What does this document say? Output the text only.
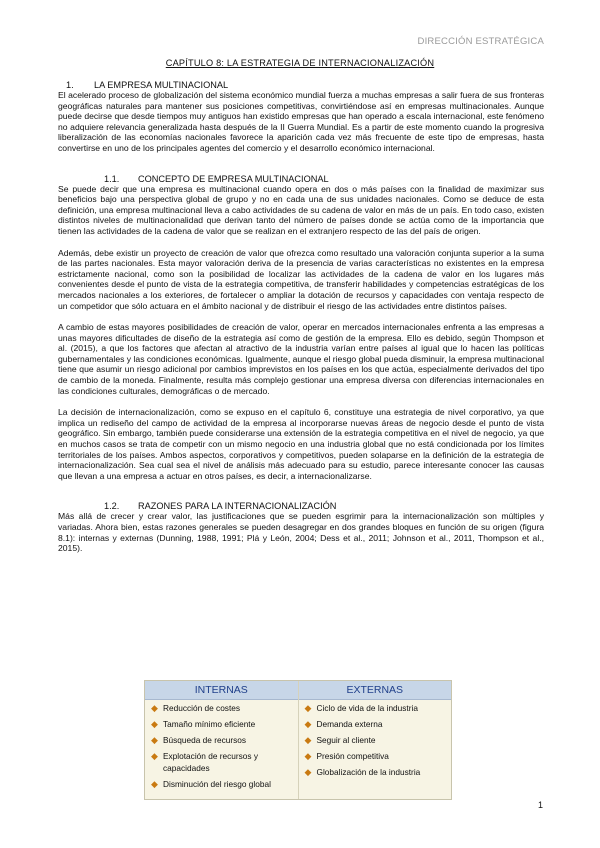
DIRECCIÓN ESTRATÉGICA
CAPÍTULO 8: LA ESTRATEGIA DE INTERNACIONALIZACIÓN
1. LA EMPRESA MULTINACIONAL

El acelerado proceso de globalización del sistema económico mundial fuerza a muchas empresas a salir fuera de sus fronteras geográficas naturales para mantener sus posiciones competitivas, convirtiéndose así en empresas multinacionales. Aunque puede decirse que desde tiempos muy antiguos han existido empresas que han operado a escala internacional, este fenómeno no adquiere relevancia generalizada hasta después de la II Guerra Mundial. Es a partir de este momento cuando la progresiva liberalización de las economías nacionales favorece la aparición cada vez más frecuente de este tipo de empresas, hasta convertirse en uno de los principales agentes del comercio y el desarrollo económico internacional.

1.1. CONCEPTO DE EMPRESA MULTINACIONAL

Se puede decir que una empresa es multinacional cuando opera en dos o más países con la finalidad de maximizar sus beneficios bajo una perspectiva global de grupo y no en cada una de sus unidades nacionales. Como se deduce de esta definición, una empresa multinacional lleva a cabo actividades de su cadena de valor en más de un país. En todo caso, existen distintos niveles de multinacionalidad que derivan tanto del número de países donde se actúa como de la importancia que tienen las actividades de la cadena de valor que se realizan en el extranjero respecto de las del país de origen.

Además, debe existir un proyecto de creación de valor que ofrezca como resultado una valoración conjunta superior a la suma de las partes nacionales. Esta mayor valoración deriva de la presencia de varias características no existentes en la empresa estrictamente nacional, como son la posibilidad de localizar las actividades de la cadena de valor en los lugares más convenientes desde el punto de vista de la estrategia competitiva, de transferir habilidades y competencias estratégicas de los mercados nacionales a los exteriores, de fortalecer o ampliar la dotación de recursos y capacidades con ventaja respecto de un competidor que sólo actuara en el ámbito nacional y de distribuir el riesgo de las actividades entre distintos países.

A cambio de estas mayores posibilidades de creación de valor, operar en mercados internacionales enfrenta a las empresas a unas mayores dificultades de diseño de la estrategia así como de gestión de la empresa. Ello es debido, según Thompson et al. (2015), a que los factores que afectan al atractivo de la industria varían entre países al igual que lo hacen las políticas gubernamentales y las condiciones económicas. Igualmente, aunque el riesgo global pueda disminuir, la empresa multinacional tiene que asumir un riesgo adicional por cambios imprevistos en los países en los que actúa, especialmente derivados del tipo de cambio de la moneda. Finalmente, resulta más complejo gestionar una empresa diversa con diferencias internacionales en las condiciones culturales, demográficas o de mercado.

La decisión de internacionalización, como se expuso en el capítulo 6, constituye una estrategia de nivel corporativo, ya que implica un rediseño del campo de actividad de la empresa al incorporarse nuevas áreas de negocio desde el punto de vista geográfico. Sin embargo, también puede considerarse una extensión de la estrategia competitiva en el nivel de negocio, ya que en muchos casos se trata de competir con un mismo negocio en una industria global que no está condicionada por los límites territoriales de los países. Ambos aspectos, corporativos y competitivos, pueden solaparse en la definición de la estrategia de internacionalización. Sea cual sea el nivel de análisis más adecuado para su estudio, parece interesante conocer las causas que llevan a una empresa a actuar en otros países, es decir, a internacionalizarse.

1.2. RAZONES PARA LA INTERNACIONALIZACIÓN

Más allá de crecer y crear valor, las justificaciones que se pueden esgrimir para la internacionalización son múltiples y variadas. Ahora bien, estas razones generales se pueden desagregar en dos grandes bloques en función de su origen (figura 8.1): internas y externas (Dunning, 1988, 1991; Plá y León, 2004; Dess et al., 2011; Johnson et al., 2011, Thompson et al., 2015).

INTERNAS
◆ Reducción de costes
◆ Tamaño mínimo eficiente
◆ Búsqueda de recursos
◆ Explotación de recursos y capacidades
◆ Disminución del riesgo global
EXTERNAS
◆ Ciclo de vida de la industria
◆ Demanda externa
◆ Seguir al cliente
◆ Presión competitiva
◆ Globalización de la industria
1
